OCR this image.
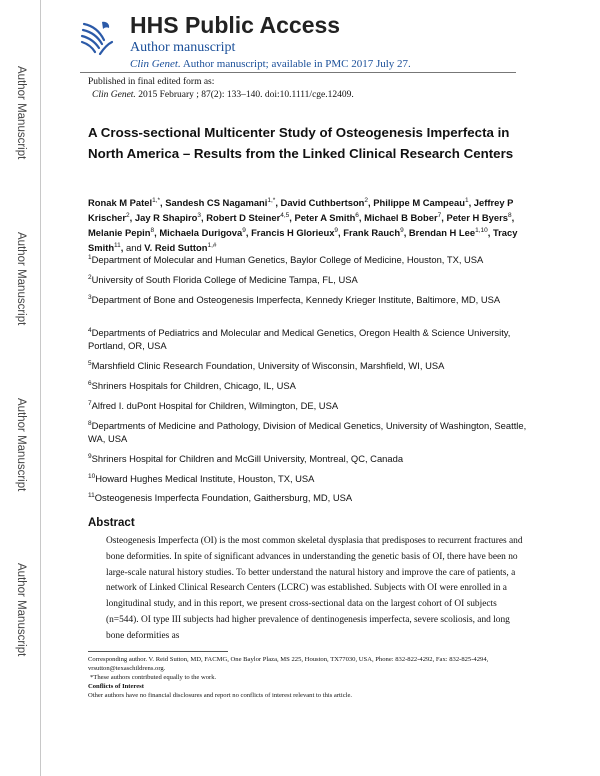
Author Manuscript
Author Manuscript
Author Manuscript
Author Manuscript
HHS Public Access
Author manuscript
Clin Genet. Author manuscript; available in PMC 2017 July 27.
Published in final edited form as:
Clin Genet. 2015 February ; 87(2): 133–140. doi:10.1111/cge.12409.
A Cross-sectional Multicenter Study of Osteogenesis Imperfecta in North America – Results from the Linked Clinical Research Centers
Ronak M Patel$^{1,*}$, Sandesh CS Nagamani$^{1,*}$, David Cuthbertson$^2$, Philippe M Campeau$^1$, Jeffrey P Krischer$^2$, Jay R Shapiro$^3$, Robert D Steiner$^{4,5}$, Peter A Smith$^6$, Michael B Bober$^7$, Peter H Byers$^8$, Melanie Pepin$^8$, Michaela Durigova$^9$, Francis H Glorieux$^9$, Frank Rauch$^9$, Brendan H Lee$^{1,10}$, Tracy Smith$^{11}$, and V. Reid Sutton$^{1,\#}$
$^1$Department of Molecular and Human Genetics, Baylor College of Medicine, Houston, TX, USA
$^2$University of South Florida College of Medicine Tampa, FL, USA
$^3$Department of Bone and Osteogenesis Imperfecta, Kennedy Krieger Institute, Baltimore, MD, USA
$^4$Departments of Pediatrics and Molecular and Medical Genetics, Oregon Health & Science University, Portland, OR, USA
$^5$Marshfield Clinic Research Foundation, University of Wisconsin, Marshfield, WI, USA
$^6$Shriners Hospitals for Children, Chicago, IL, USA
$^7$Alfred I. duPont Hospital for Children, Wilmington, DE, USA
$^8$Departments of Medicine and Pathology, Division of Medical Genetics, University of Washington, Seattle, WA, USA
$^9$Shriners Hospital for Children and McGill University, Montreal, QC, Canada
$^{10}$Howard Hughes Medical Institute, Houston, TX, USA
$^{11}$Osteogenesis Imperfecta Foundation, Gaithersburg, MD, USA
Abstract

Osteogenesis Imperfecta (OI) is the most common skeletal dysplasia that predisposes to recurrent fractures and bone deformities. In spite of significant advances in understanding the genetic basis of OI, there have been no large-scale natural history studies. To better understand the natural history and improve the care of patients, a network of Linked Clinical Research Centers (LCRC) was established. Subjects with OI were enrolled in a longitudinal study, and in this report, we present cross-sectional data on the largest cohort of OI subjects (n=544). OI type III subjects had higher prevalence of dentinogenesis imperfecta, severe scoliosis, and long bone deformities as

Corresponding author. V. Reid Sutton, MD, FACMG, One Baylor Plaza, MS 225, Houston, TX77030, USA, Phone: 832-822-4292, Fax: 832-825-4294, vrsutton@texaschildrens.org.
*These authors contributed equally to the work.
Conflicts of Interest
Other authors have no financial disclosures and report no conflicts of interest relevant to this article.
